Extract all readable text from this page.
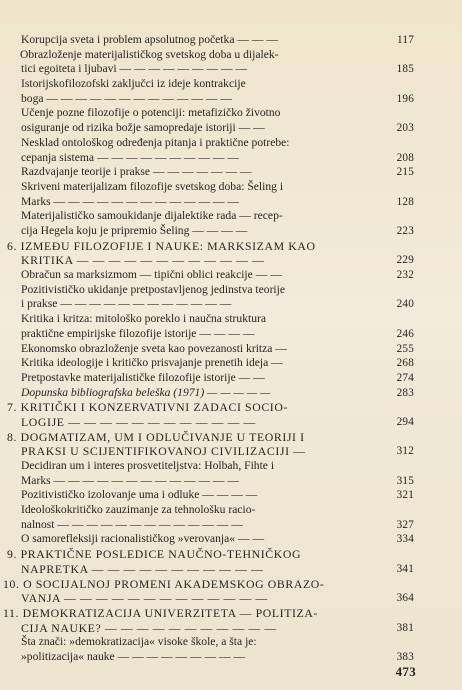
Korupcija sveta i problem apsolutnog početka — — —	117
Obrazloženje materijalističkog svetskog doba u dijalek-
tici egoiteta i ljubavi — — — — — — — — —	185
Istorijskofilozofski zaključci iz ideje kontrakcije
boga — — — — — — — — — — — — —	196
Učenje pozne filozofije o potenciji: metafizičko životno
osiguranje od rizika božje samopredaje istoriji — —	203
Nesklad ontološkog određenja pitanja i praktične potrebe:
cepanja sistema — — — — — — — — — —	208
Razdvajanje teorije i prakse — — — — — — —	215
Skriveni materijalizam filozofije svetskog doba: Šeling i
Marks — — — — — — — — — — — — —	128
Materijalističko samoukidanje dijalektike rada — recep-
cija Hegela koju je pripremio Šeling — — — —	223
6. IZMEĐU FILOZOFIJE I NAUKE: MARKSIZAM KAO
KRITIKA — — — — — — — — — — — —	229
Obračun sa marksizmom — tipični oblici reakcije — —	232
Pozitivističko ukidanje pretpostavljenog jedinstva teorije
i prakse — — — — — — — — — — — —	240
Kritika i kritza: mitološko poreklo i naučna struktura
praktične empirijske filozofije istorije — — — —	246
Ekonomsko obrazloženje sveta kao povezanosti kritza —	255
Kritika ideologije i kritičko prisvajanje prenetih ideja —	268
Pretpostavke materijalističke filozofije istorije — —	274
Dopunska bibliografska beleška (1971) — — — — —	283
7. KRITIČKI I KONZERVATIVNI ZADACI SOCIO-
LOGIJE — — — — — — — — — — — —	294
8. DOGMATIZAM, UM I ODLUČIVANJE U TEORIJI I
PRAKSI U SCIJENTIFIKOVANOJ CIVILIZACIJI —	312
Decidiran um i interes prosvetiteljstva: Holbah, Fihte i
Marks — — — — — — — — — — — — —	315
Pozitivističko izolovanje uma i odluke — — — —	321
Ideološkokritičko zauzimanje za tehnološku racio-
nalnost — — — — — — — — — — — — —	327
O samorefleksiji racionalističkog »verovanja« — —	334
9. PRAKTIČNE POSLEDICE NAUČNO-TEHNIČKOG
NAPRETKA — — — — — — — — — — —	341
10. O SOCIJALNOJ PROMENI AKADEMSKOG OBRAZO-
VANJA — — — — — — — — — — — — —	364
11. DEMOKRATIZACIJA UNIVERZITETA — POLITIZA-
CIJA NAUKE? — — — — — — — — — — —	381
Šta znači: »demokratizacija« visoke škole, a šta je:
»politizacija« nauke — — — — — — — — —	383
473
